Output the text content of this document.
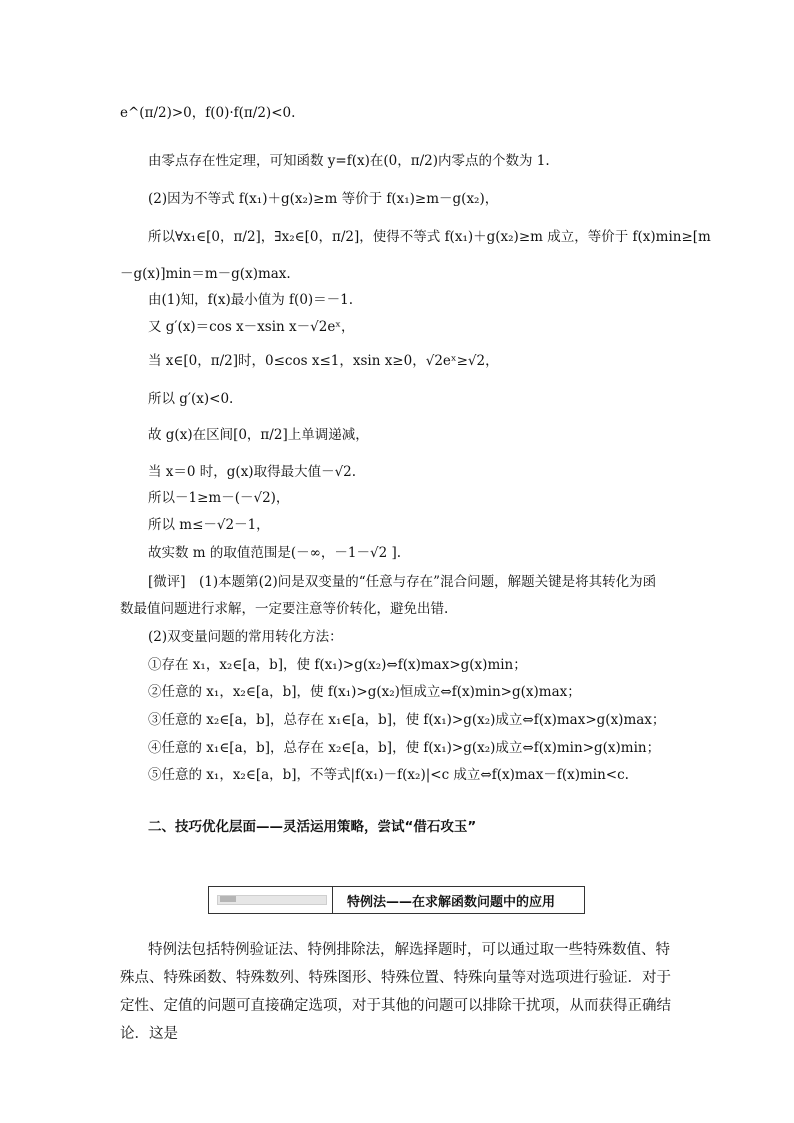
e^(π/2)>0，f(0)·f(π/2)<0.
由零点存在性定理，可知函数 y=f(x)在(0，π/2)内零点的个数为 1.
(2)因为不等式 f(x₁)＋g(x₂)≥m 等价于 f(x₁)≥m－g(x₂)，
所以∀x₁∈[0，π/2]，∃x₂∈[0，π/2]，使得不等式 f(x₁)＋g(x₂)≥m 成立，等价于 f(x)min≥[m
－g(x)]min＝m－g(x)max.
由(1)知，f(x)最小值为 f(0)＝－1.
又 g′(x)＝cos x－xsin x－√2eˣ，
当 x∈[0，π/2]时，0≤cos x≤1，xsin x≥0，√2eˣ≥√2，
所以 g′(x)<0.
故 g(x)在区间[0，π/2]上单调递减，
当 x＝0 时，g(x)取得最大值－√2.
所以－1≥m－(－√2)，
所以 m≤－√2－1，
故实数 m 的取值范围是(－∞，－1－√2 ].
[微评]　(1)本题第(2)问是双变量的“任意与存在”混合问题，解题关键是将其转化为函
数最值问题进行求解，一定要注意等价转化，避免出错.
(2)双变量问题的常用转化方法：
①存在 x₁，x₂∈[a，b]，使 f(x₁)>g(x₂)⇔f(x)max>g(x)min；
②任意的 x₁，x₂∈[a，b]，使 f(x₁)>g(x₂)恒成立⇔f(x)min>g(x)max；
③任意的 x₂∈[a，b]，总存在 x₁∈[a，b]，使 f(x₁)>g(x₂)成立⇔f(x)max>g(x)max；
④任意的 x₁∈[a，b]，总存在 x₂∈[a，b]，使 f(x₁)>g(x₂)成立⇔f(x)min>g(x)min；
⑤任意的 x₁，x₂∈[a，b]，不等式|f(x₁)－f(x₂)|<c 成立⇔f(x)max－f(x)min<c.
二、技巧优化层面——灵活运用策略，尝试“借石攻玉”
特例法——在求解函数问题中的应用
特例法包括特例验证法、特例排除法，解选择题时，可以通过取一些特殊数值、特殊点、特殊函数、特殊数列、特殊图形、特殊位置、特殊向量等对选项进行验证．对于定性、定值的问题可直接确定选项，对于其他的问题可以排除干扰项，从而获得正确结论．这是
